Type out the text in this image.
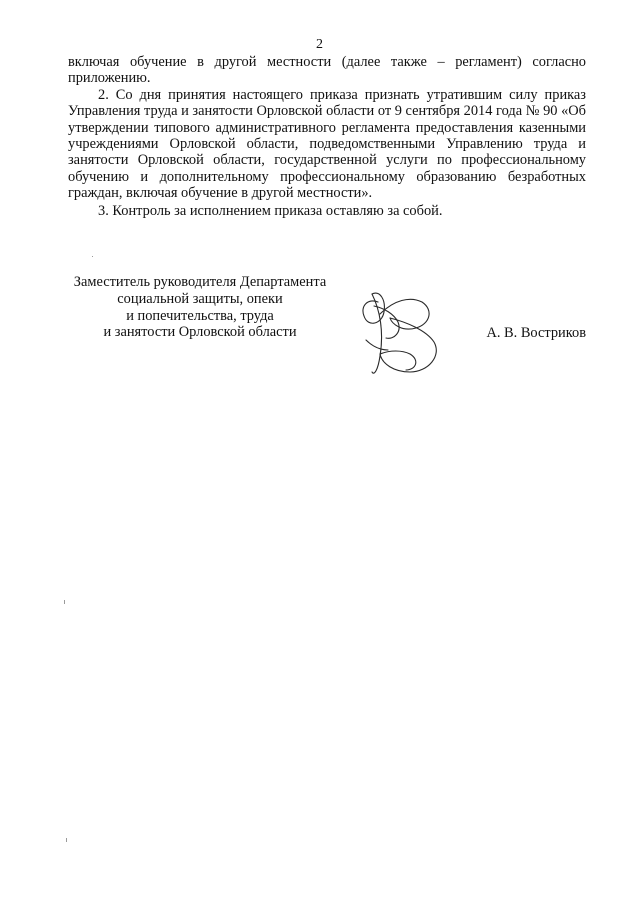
2

включая обучение в другой местности (далее также – регламент) согласно приложению.

2. Со дня принятия настоящего приказа признать утратившим силу приказ Управления труда и занятости Орловской области от 9 сентября 2014 года № 90 «Об утверждении типового административного регламента предоставления казенными учреждениями Орловской области, подведомственными Управлению труда и занятости Орловской области, государственной услуги по профессиональному обучению и дополнительному профессиональному образованию безработных граждан, включая обучение в другой местности».

3. Контроль за исполнением приказа оставляю за собой.

Заместитель руководителя Департамента
социальной защиты, опеки
и попечительства, труда
и занятости Орловской области	А. В. Востриков
